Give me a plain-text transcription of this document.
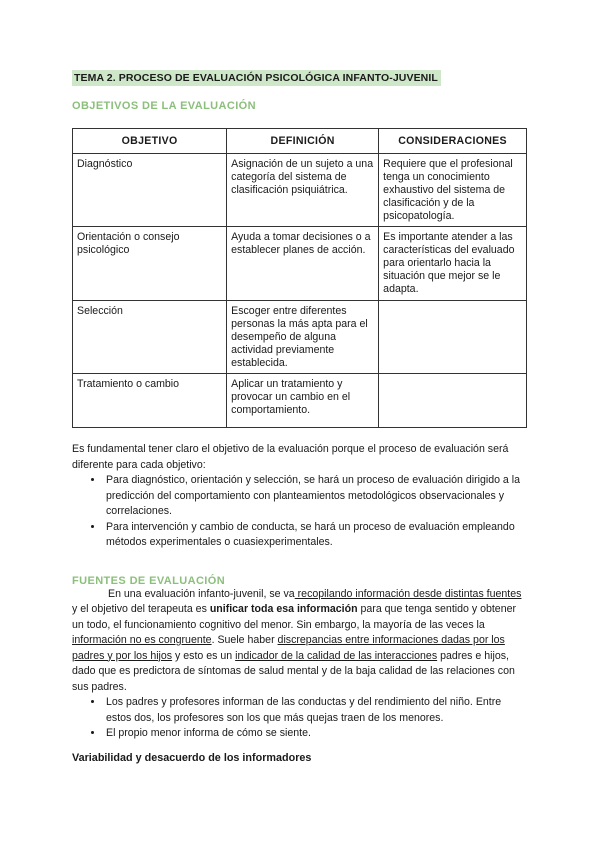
TEMA 2. PROCESO DE EVALUACIÓN PSICOLÓGICA INFANTO-JUVENIL
OBJETIVOS DE LA EVALUACIÓN
OBJETIVO	DEFINICIÓN	CONSIDERACIONES
Diagnóstico	Asignación de un sujeto a una categoría del sistema de clasificación psiquiátrica.	Requiere que el profesional tenga un conocimiento exhaustivo del sistema de clasificación y de la psicopatología.
Orientación o consejo psicológico	Ayuda a tomar decisiones o a establecer planes de acción.	Es importante atender a las características del evaluado para orientarlo hacia la situación que mejor se le adapta.
Selección	Escoger entre diferentes personas la más apta para el desempeño de alguna actividad previamente establecida.	
Tratamiento o cambio	Aplicar un tratamiento y provocar un cambio en el comportamiento.	

Es fundamental tener claro el objetivo de la evaluación porque el proceso de evaluación será diferente para cada objetivo:

• Para diagnóstico, orientación y selección, se hará un proceso de evaluación dirigido a la predicción del comportamiento con planteamientos metodológicos observacionales y correlaciones.
• Para intervención y cambio de conducta, se hará un proceso de evaluación empleando métodos experimentales o cuasiexperimentales.
FUENTES DE EVALUACIÓN

En una evaluación infanto-juvenil, se va recopilando información desde distintas fuentes y el objetivo del terapeuta es unificar toda esa información para que tenga sentido y obtener un todo, el funcionamiento cognitivo del menor. Sin embargo, la mayoría de las veces la información no es congruente. Suele haber discrepancias entre informaciones dadas por los padres y por los hijos y esto es un indicador de la calidad de las interacciones padres e hijos, dado que es predictora de síntomas de salud mental y de la baja calidad de las relaciones con sus padres.

• Los padres y profesores informan de las conductas y del rendimiento del niño. Entre estos dos, los profesores son los que más quejas traen de los menores.
• El propio menor informa de cómo se siente.
Variabilidad y desacuerdo de los informadores
